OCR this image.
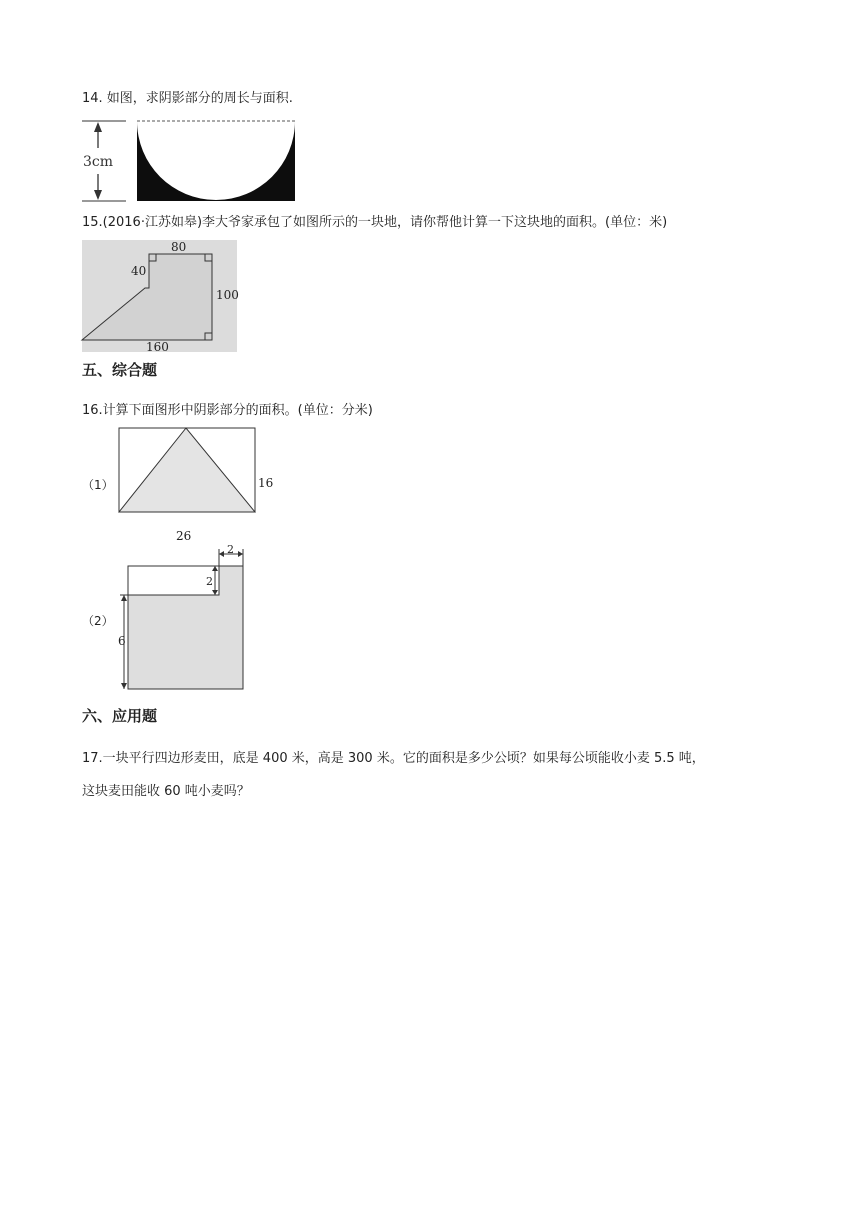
14. 如图，求阴影部分的周长与面积.
3cm
15.(2016·江苏如皋)李大爷家承包了如图所示的一块地，请你帮他计算一下这块地的面积。(单位：米)
80
40
100
160
五、综合题
16.计算下面图形中阴影部分的面积。(单位：分米)
（1）	16
26
（2）
2
2
6
六、应用题
17.一块平行四边形麦田，底是 400 米，高是 300 米。它的面积是多少公顷？如果每公顷能收小麦 5.5 吨，
这块麦田能收 60 吨小麦吗？
